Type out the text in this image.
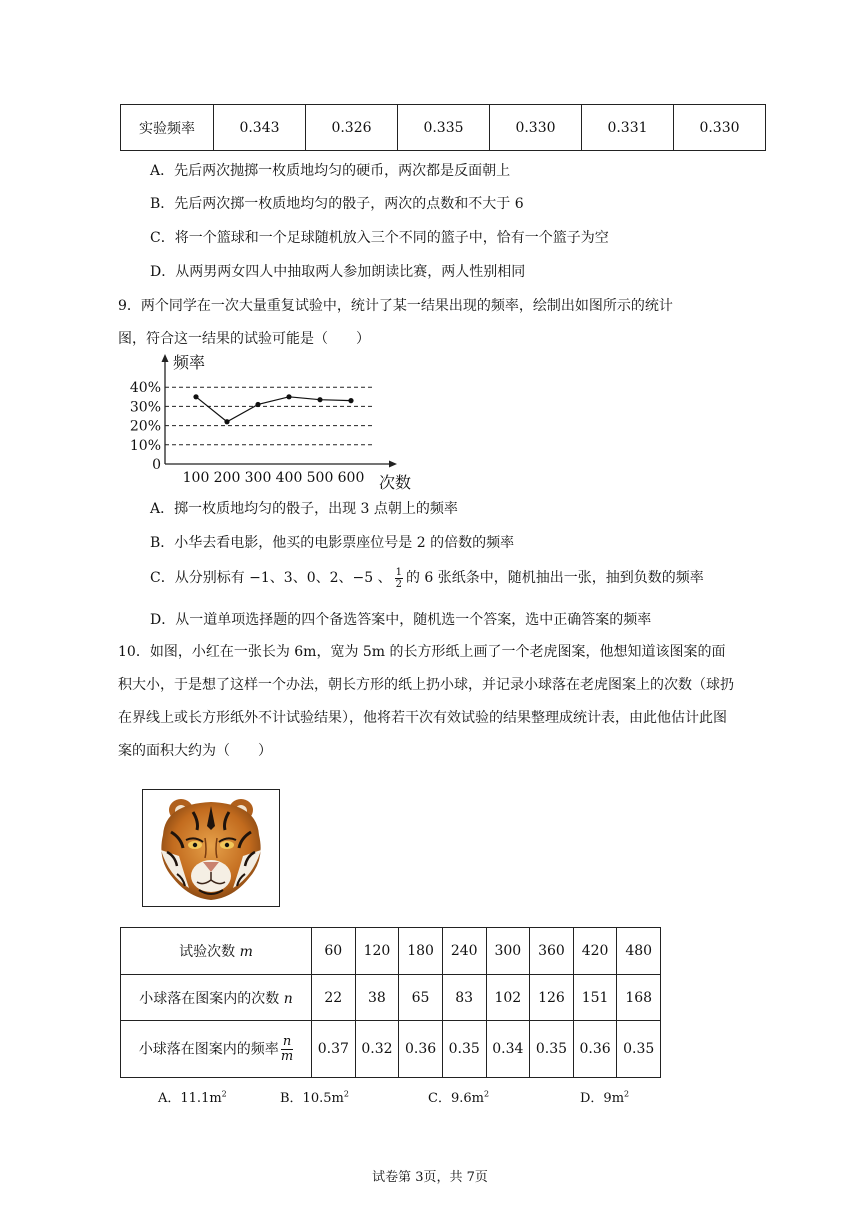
实验频率	0.343	0.326	0.335	0.330	0.331	0.330
A．先后两次抛掷一枚质地均匀的硬币，两次都是反面朝上
B．先后两次掷一枚质地均匀的骰子，两次的点数和不大于 6
C．将一个篮球和一个足球随机放入三个不同的篮子中，恰有一个篮子为空
D．从两男两女四人中抽取两人参加朗读比赛，两人性别相同
9．两个同学在一次大量重复试验中，统计了某一结果出现的频率，绘制出如图所示的统计
图，符合这一结果的试验可能是（　　）
0
10%
20%
30%
40%
100 200 300 400 500 600
频率
次数
A．掷一枚质地均匀的骰子，出现 3 点朝上的频率
B．小华去看电影，他买的电影票座位号是 2 的倍数的频率
C．从分别标有 −1、3、0、2、−5 、 $\frac{1}{2}$ 的 6 张纸条中，随机抽出一张，抽到负数的频率
D．从一道单项选择题的四个备选答案中，随机选一个答案，选中正确答案的频率
10．如图，小红在一张长为 6m，宽为 5m 的长方形纸上画了一个老虎图案，他想知道该图案的面积大小，于是想了这样一个办法，朝长方形的纸上扔小球，并记录小球落在老虎图案上的次数（球扔在界线上或长方形纸外不计试验结果），他将若干次有效试验的结果整理成统计表，由此他估计此图案的面积大约为（　　）
试验次数 m	60	120	180	240	300	360	420	480
小球落在图案内的次数 n	22	38	65	83	102	126	151	168
小球落在图案内的频率 $\frac{n}{m}$	0.37	0.32	0.36	0.35	0.34	0.35	0.36	0.35
A．$11.1m^2$	B．$10.5m^2$	C．$9.6m^2$	D．$9m^2$
试卷第 3页，共 7页
